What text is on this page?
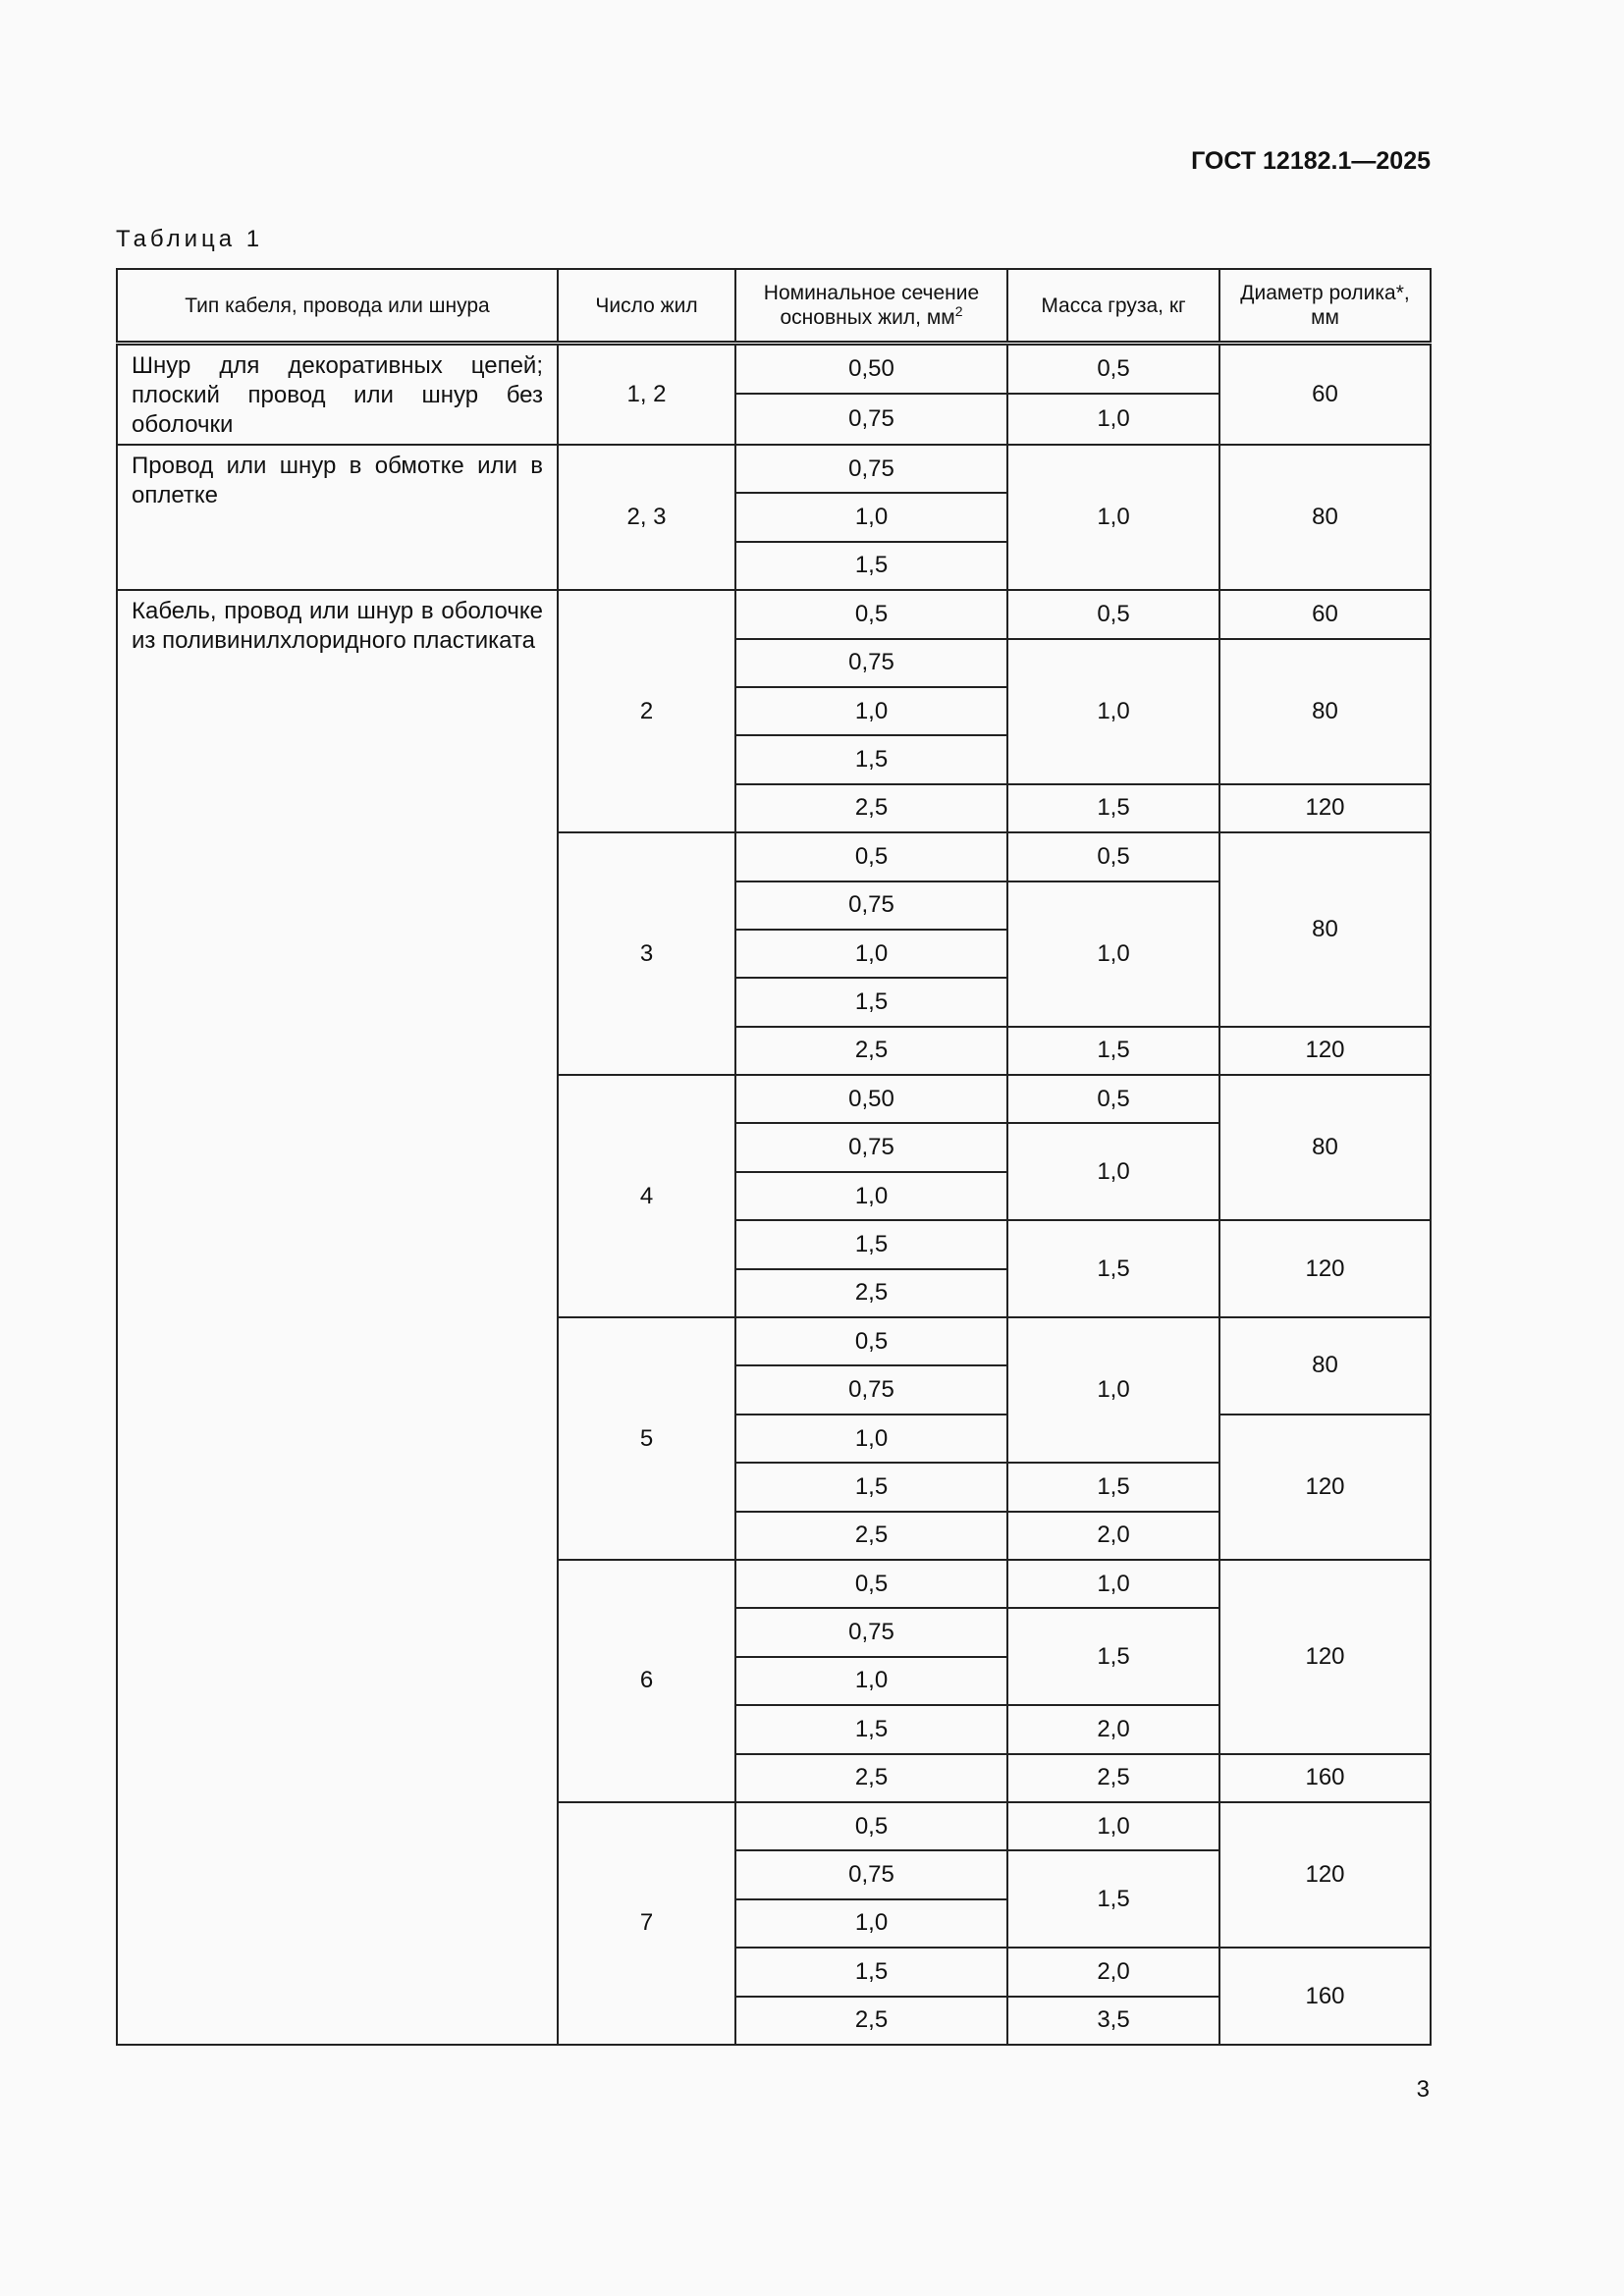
ГОСТ 12182.1—2025
Таблица 1
Тип кабеля, провода или шнура	Число жил	Номинальное сечение основных жил, $мм^2$	Масса груза, кг	Диаметр ролика*, мм
Шнур для декоративных цепей; плоский провод или шнур без оболочки	1, 2	0,50	0,5	60
		0,75	1,0	
Провод или шнур в обмотке или в оплетке	2, 3	0,75	1,0	80
		1,0		
		1,5		
Кабель, провод или шнур в оболочке из поливинилхлоридного пластиката	2	0,5	0,5	60
		0,75	1,0	80
		1,0		
		1,5		
		2,5	1,5	120
	3	0,5	0,5	80
		0,75	1,0	
		1,0		
		1,5		
		2,5	1,5	120
	4	0,50	0,5	80
		0,75	1,0	
		1,0		
		1,5	1,5	120
		2,5		
	5	0,5	1,0	80
		0,75		
		1,0		120
		1,5	1,5	
		2,5	2,0	
	6	0,5	1,0	120
		0,75	1,5	
		1,0		
		1,5	2,0	
		2,5	2,5	160
	7	0,5	1,0	120
		0,75	1,5	
		1,0		
		1,5	2,0	160
		2,5	3,5	
3
